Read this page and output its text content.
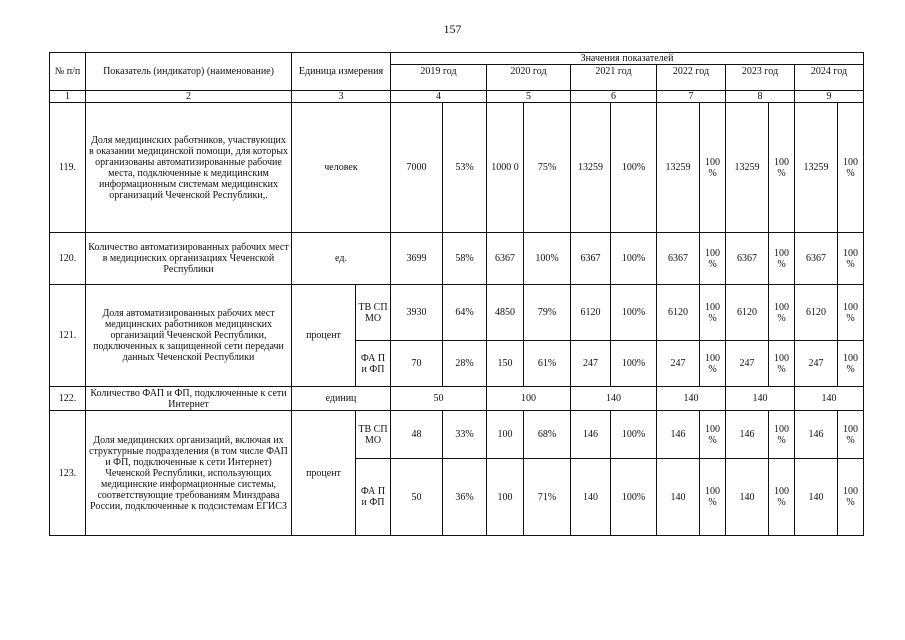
157
№ п/п	Показатель (индикатор) (наименование)	Единица измерения		Значения показателей											
				2019 год		2020 год		2021 год		2022 год		2023 год		2024 год	

1	2	3		4		5		6		7		8		9	
119.	Доля медицинских работников, участвующих в оказании медицинской помощи, для которых организованы автоматизированные рабочие места, подключенные к медицинским информационным системам медицинских организаций Чеченской Республики,.	человек		7000	53%	1000 0	75%	13259	100%	13259	100 %	13259	100 %	13259	100 %
120.	Количество автоматизированных рабочих мест в медицинских организациях Чеченской Республики	ед.		3699	58%	6367	100%	6367	100%	6367	100 %	6367	100 %	6367	100 %
121.	Доля автоматизированных рабочих мест медицинских работников медицинских организаций Чеченской Республики, подключенных к защищенной сети передачи данных Чеченской Республики	процент	ТВ СП МО	3930	64%	4850	79%	6120	100%	6120	100 %	6120	100 %	6120	100 %
			ФА П и ФП	70	28%	150	61%	247	100%	247	100 %	247	100 %	247	100 %
122.	Количество ФАП и ФП, подключенные к сети Интернет	единиц		50		100		140		140		140		140	
123.	Доля медицинских организаций, включая их структурные подразделения (в том числе ФАП и ФП, подключенные к сети Интернет) Чеченской Республики, использующих медицинские информационные системы, соответствующие требованиям Минздрава России, подключенные к подсистемам ЕГИСЗ	процент	ТВ СП МО	48	33%	100	68%	146	100%	146	100 %	146	100 %	146	100 %
			ФА П и ФП	50	36%	100	71%	140	100%	140	100 %	140	100 %	140	100 %
